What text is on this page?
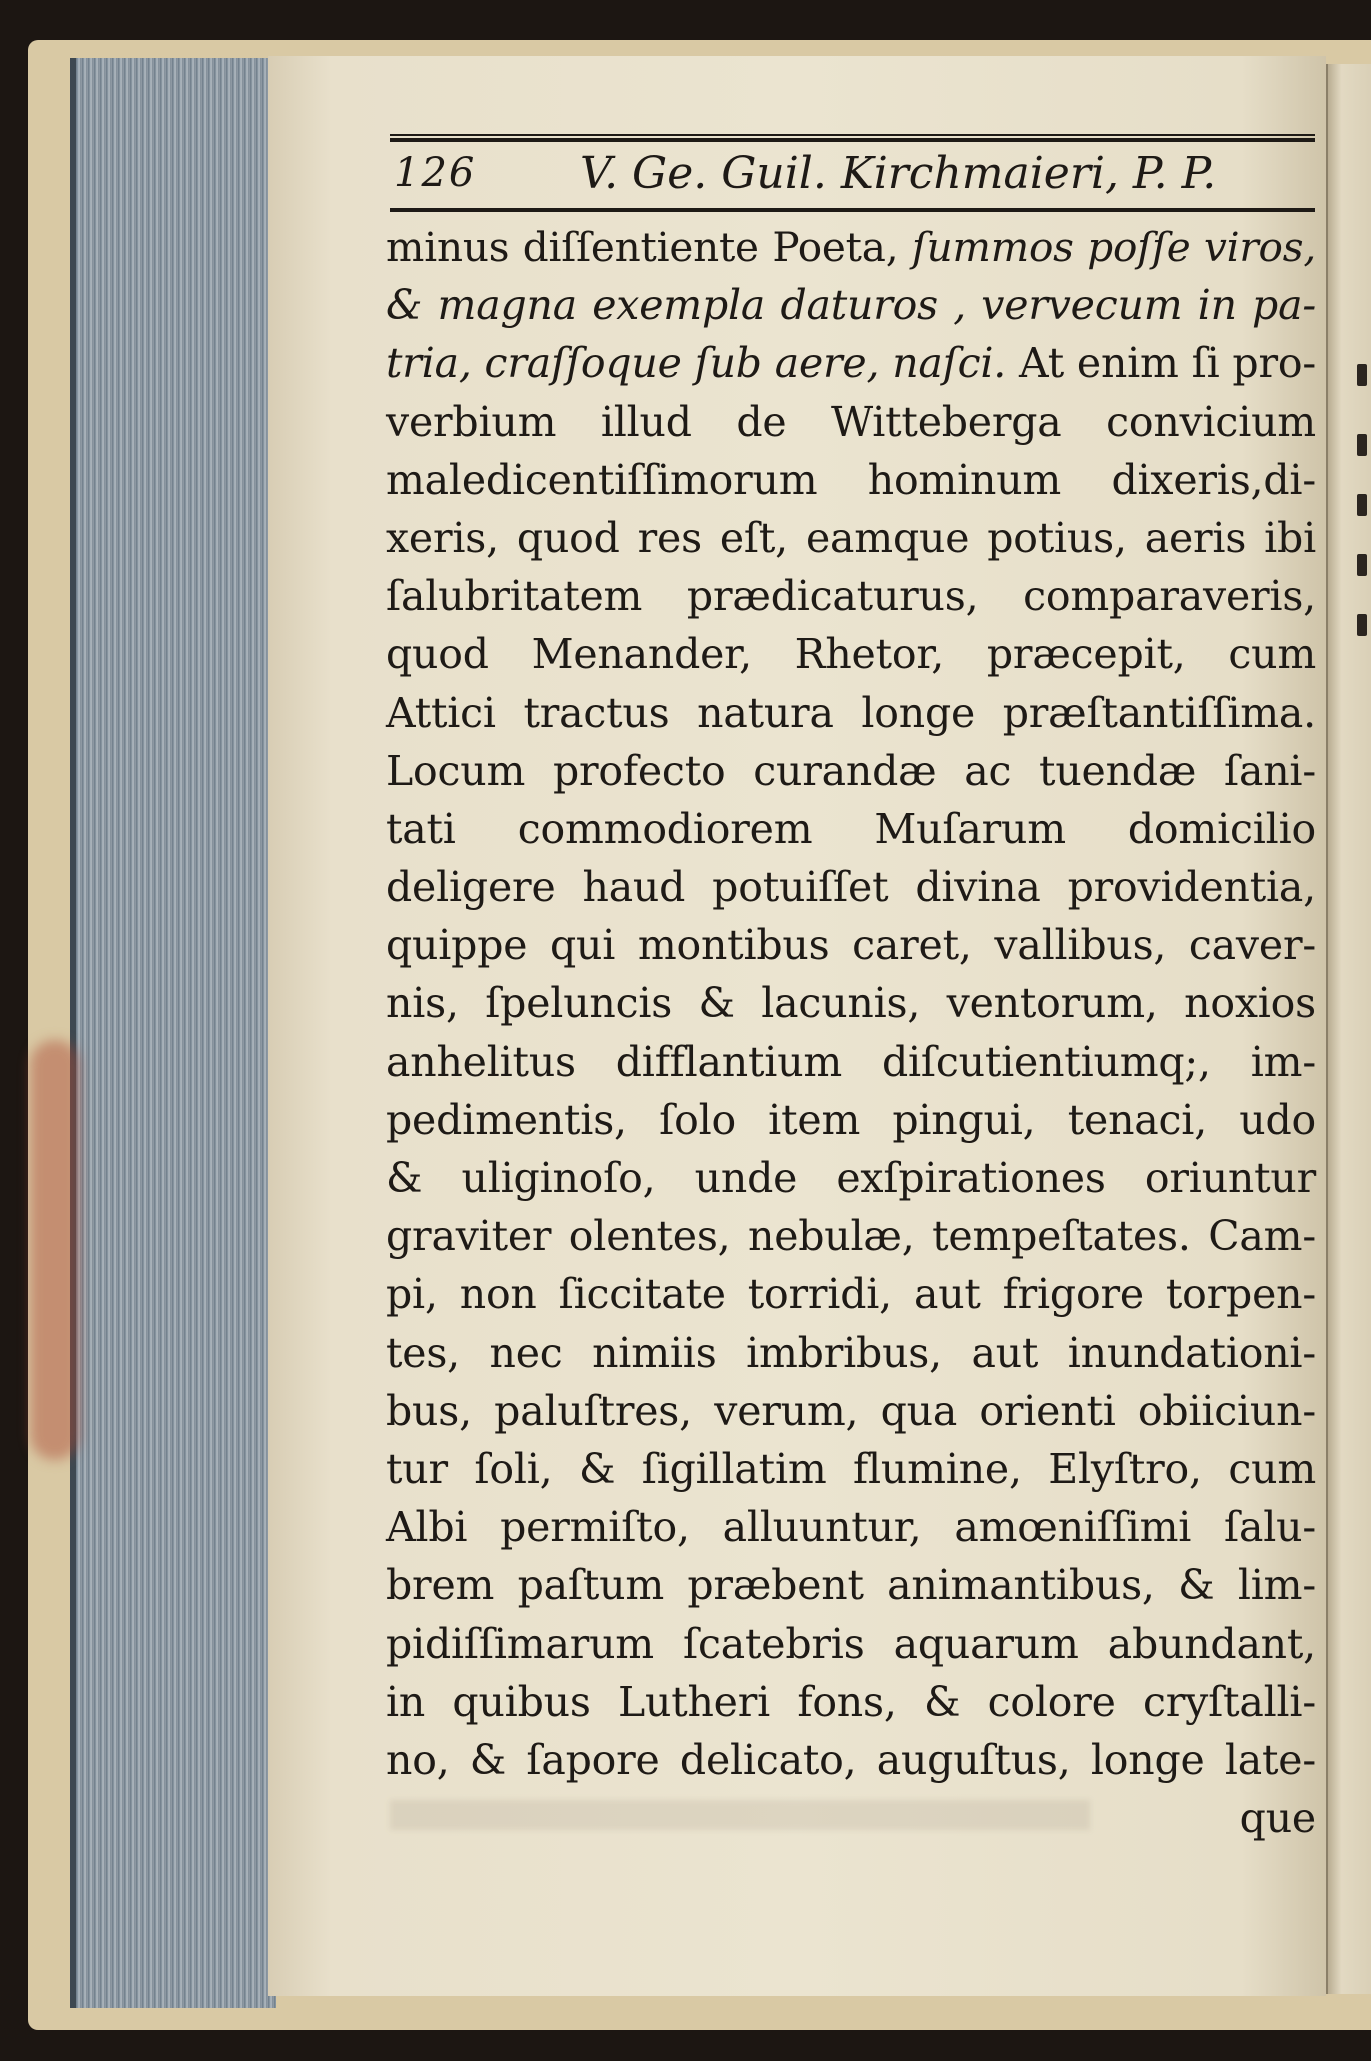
126 V. Ge. Guil. Kirchmaieri, P. P.
minus diſſentiente Poeta, ſummos poſſe viros,
& magna exempla daturos , vervecum in pa-
tria, craſſoque ſub aere, naſci. At enim ſi pro-
verbium illud de Witteberga convicium
maledicentiſſimorum hominum dixeris,di-
xeris, quod res eſt, eamque potius, aeris ibi
ſalubritatem prædicaturus, comparaveris,
quod Menander, Rhetor, præcepit, cum
Attici tractus natura longe præſtantiſſima.
Locum profecto curandæ ac tuendæ ſani-
tati commodiorem Muſarum domicilio
deligere haud potuiſſet divina providentia,
quippe qui montibus caret, vallibus, caver-
nis, ſpeluncis & lacunis, ventorum, noxios
anhelitus difflantium diſcutientiumq;, im-
pedimentis, ſolo item pingui, tenaci, udo
& uliginoſo, unde exſpirationes oriuntur
graviter olentes, nebulæ, tempeſtates. Cam-
pi, non ſiccitate torridi, aut frigore torpen-
tes, nec nimiis imbribus, aut inundationi-
bus, paluſtres, verum, qua orienti obiiciun-
tur ſoli, & ſigillatim flumine, Elyſtro, cum
Albi permiſto, alluuntur, amœniſſimi ſalu-
brem paſtum præbent animantibus, & lim-
pidiſſimarum ſcatebris aquarum abundant,
in quibus Lutheri fons, & colore cryſtalli-
no, & ſapore delicato, auguſtus, longe late-
que
